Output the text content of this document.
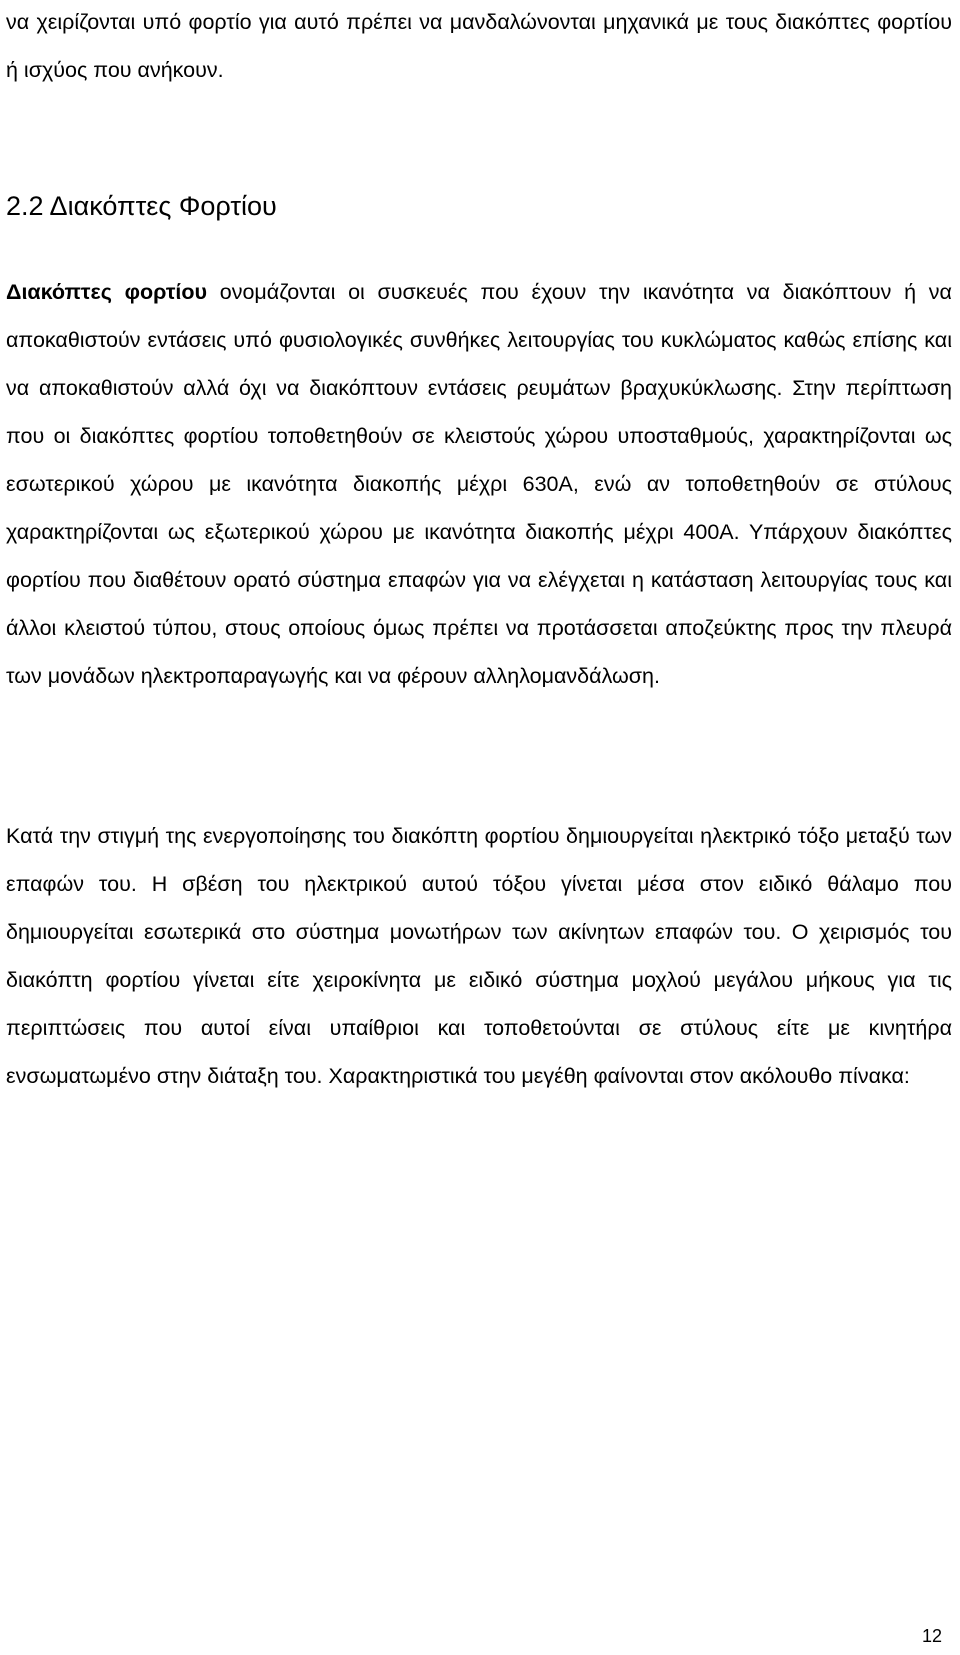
να χειρίζονται υπό φορτίο για αυτό πρέπει να μανδαλώνονται μηχανικά με τους διακόπτες φορτίου ή ισχύος που ανήκουν.

2.2 Διακόπτες Φορτίου

Διακόπτες φορτίου ονομάζονται οι συσκευές που έχουν την ικανότητα να διακόπτουν ή να αποκαθιστούν εντάσεις υπό φυσιολογικές συνθήκες λειτουργίας του κυκλώματος καθώς επίσης και να αποκαθιστούν αλλά όχι να διακόπτουν εντάσεις ρευμάτων βραχυκύκλωσης. Στην περίπτωση που οι διακόπτες φορτίου τοποθετηθούν σε κλειστούς χώρου υποσταθμούς, χαρακτηρίζονται ως εσωτερικού χώρου με ικανότητα διακοπής μέχρι 630Α, ενώ αν τοποθετηθούν σε στύλους χαρακτηρίζονται ως εξωτερικού χώρου με ικανότητα διακοπής μέχρι 400Α. Υπάρχουν διακόπτες φορτίου που διαθέτουν ορατό σύστημα επαφών για να ελέγχεται η κατάσταση λειτουργίας τους και άλλοι κλειστού τύπου, στους οποίους όμως πρέπει να προτάσσεται αποζεύκτης προς την πλευρά των μονάδων ηλεκτροπαραγωγής και να φέρουν αλληλομανδάλωση.

Κατά την στιγμή της ενεργοποίησης του διακόπτη φορτίου δημιουργείται ηλεκτρικό τόξο μεταξύ των επαφών του. Η σβέση του ηλεκτρικού αυτού τόξου γίνεται μέσα στον ειδικό θάλαμο που δημιουργείται εσωτερικά στο σύστημα μονωτήρων των ακίνητων επαφών του. Ο χειρισμός του διακόπτη φορτίου γίνεται είτε χειροκίνητα με ειδικό σύστημα μοχλού μεγάλου μήκους για τις περιπτώσεις που αυτοί είναι υπαίθριοι και τοποθετούνται σε στύλους είτε με κινητήρα ενσωματωμένο στην διάταξη του. Χαρακτηριστικά του μεγέθη φαίνονται στον ακόλουθο πίνακα:

12
